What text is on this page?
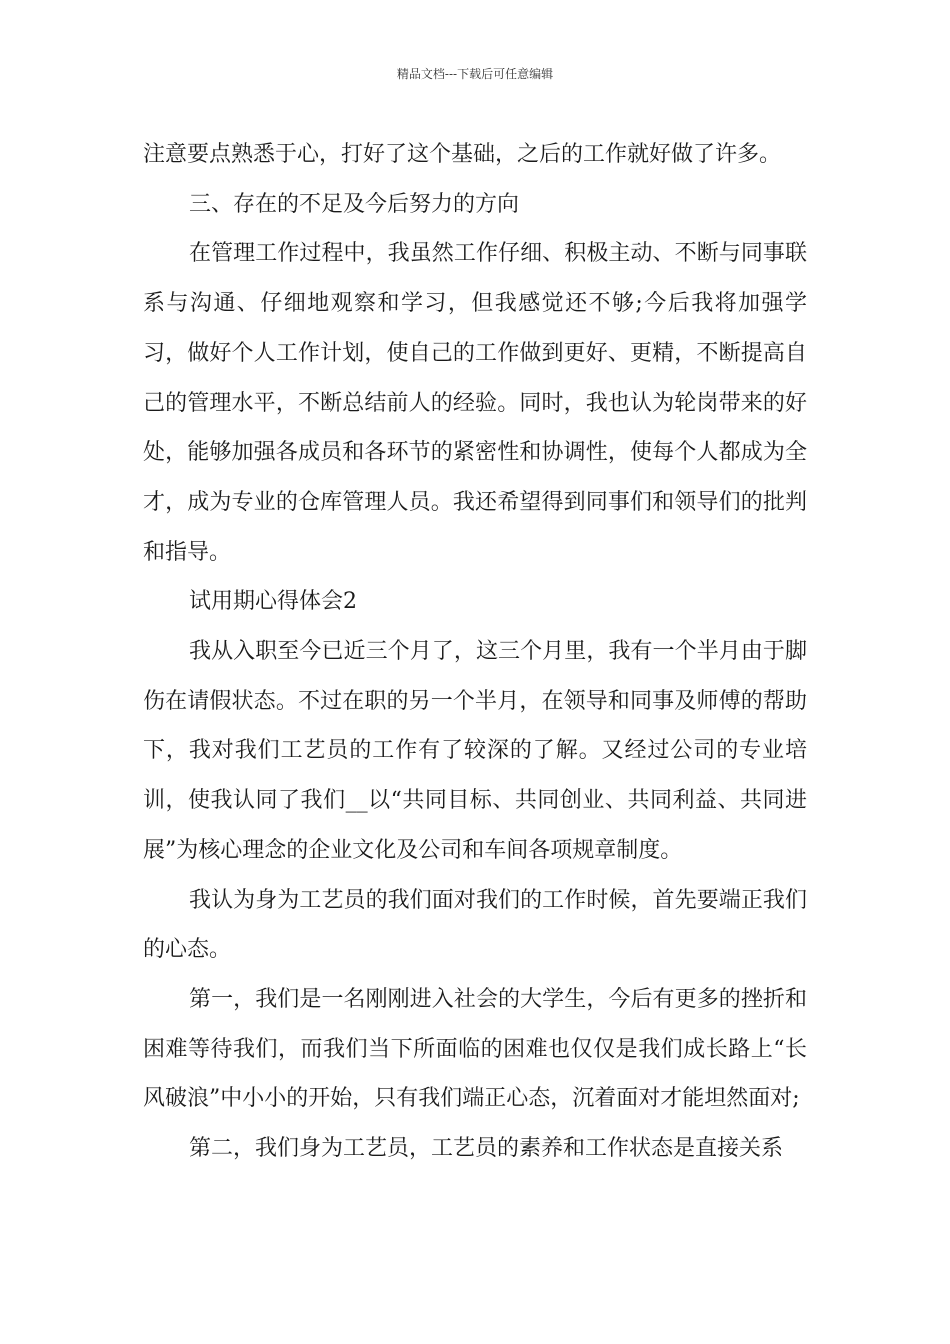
精品文档---下载后可任意编辑

注意要点熟悉于心，打好了这个基础，之后的工作就好做了许多。

三、存在的不足及今后努力的方向

在管理工作过程中，我虽然工作仔细、积极主动、不断与同事联系与沟通、仔细地观察和学习，但我感觉还不够;今后我将加强学习，做好个人工作计划，使自己的工作做到更好、更精，不断提高自己的管理水平，不断总结前人的经验。同时，我也认为轮岗带来的好处，能够加强各成员和各环节的紧密性和协调性，使每个人都成为全才，成为专业的仓库管理人员。我还希望得到同事们和领导们的批判和指导。

试用期心得体会2

我从入职至今已近三个月了，这三个月里，我有一个半月由于脚伤在请假状态。不过在职的另一个半月，在领导和同事及师傅的帮助下，我对我们工艺员的工作有了较深的了解。又经过公司的专业培训，使我认同了我们__以“共同目标、共同创业、共同利益、共同进展”为核心理念的企业文化及公司和车间各项规章制度。

我认为身为工艺员的我们面对我们的工作时候，首先要端正我们的心态。

第一，我们是一名刚刚进入社会的大学生，今后有更多的挫折和困难等待我们，而我们当下所面临的困难也仅仅是我们成长路上“长风破浪”中小小的开始，只有我们端正心态，沉着面对才能坦然面对;

第二，我们身为工艺员，工艺员的素养和工作状态是直接关系
